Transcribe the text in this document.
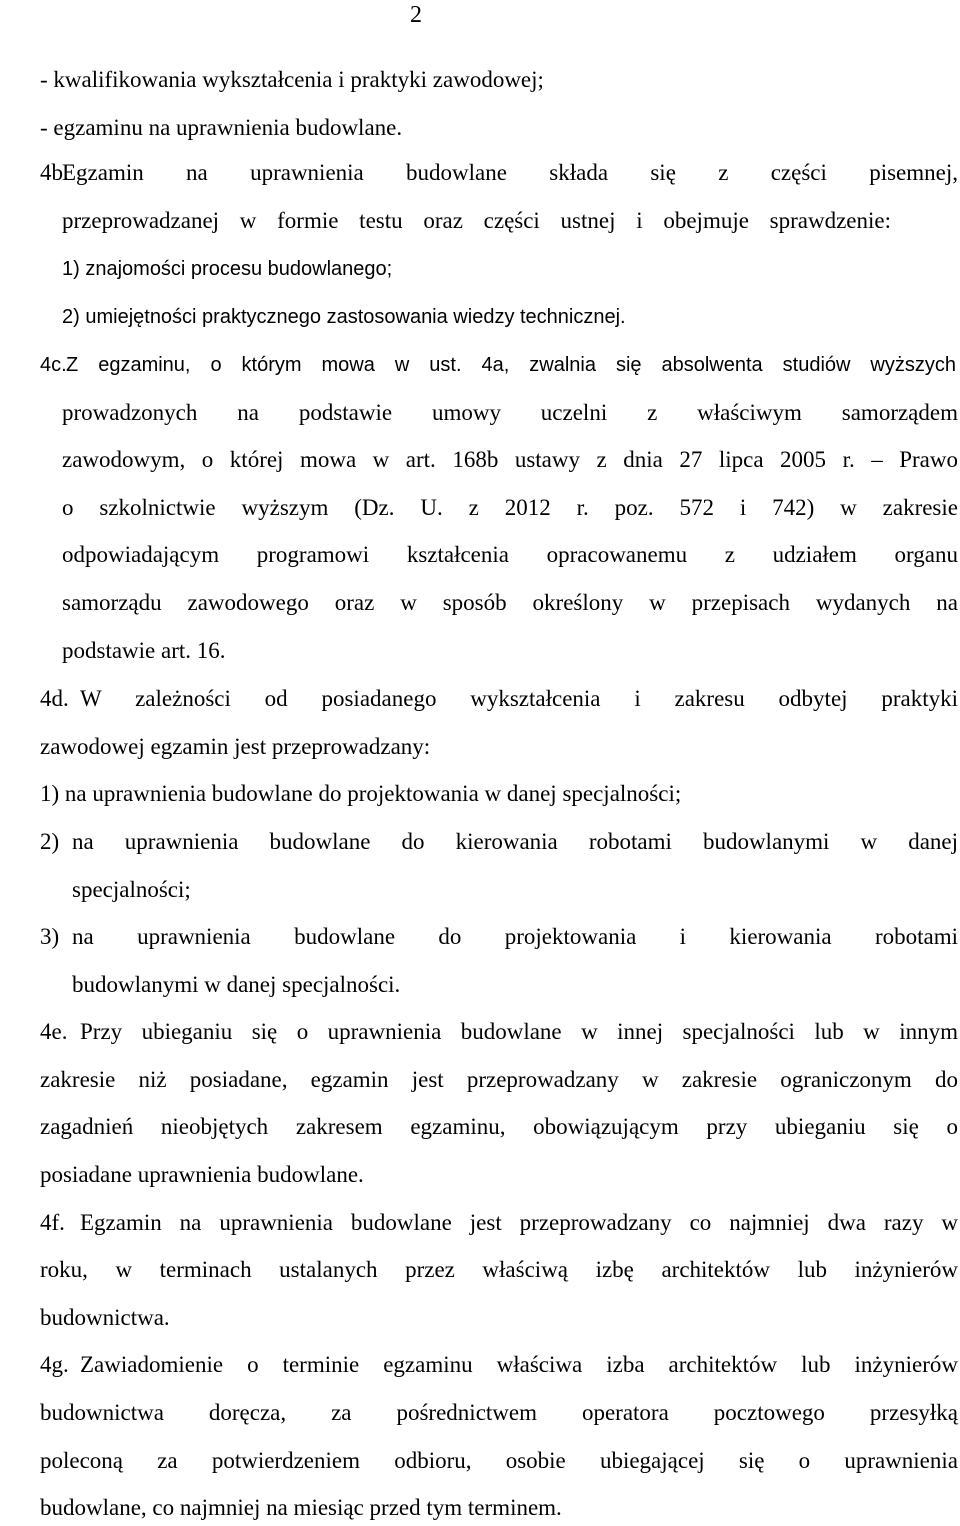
2
- kwalifikowania wykształcenia i praktyki zawodowej;
- egzaminu na uprawnienia budowlane.
4b.
Egzamin na uprawnienia budowlane składa się z części pisemnej,
przeprowadzanej w formie testu oraz części ustnej i obejmuje sprawdzenie:
1) znajomości procesu budowlanego;
2) umiejętności praktycznego zastosowania wiedzy technicznej.
4c. Z egzaminu, o którym mowa w ust. 4a, zwalnia się absolwenta studiów wyższych
prowadzonych na podstawie umowy uczelni z właściwym samorządem
zawodowym, o której mowa w art. 168b ustawy z dnia 27 lipca 2005 r. – Prawo
o szkolnictwie wyższym (Dz. U. z 2012 r. poz. 572 i 742) w zakresie
odpowiadającym programowi kształcenia opracowanemu z udziałem organu
samorządu zawodowego oraz w sposób określony w przepisach wydanych na
podstawie art. 16.
4d. W zależności od posiadanego wykształcenia i zakresu odbytej praktyki
zawodowej egzamin jest przeprowadzany:
1) na uprawnienia budowlane do projektowania w danej specjalności;
2) na uprawnienia budowlane do kierowania robotami budowlanymi w danej
specjalności;
3) na uprawnienia budowlane do projektowania i kierowania robotami
budowlanymi w danej specjalności.
4e. Przy ubieganiu się o uprawnienia budowlane w innej specjalności lub w innym
zakresie niż posiadane, egzamin jest przeprowadzany w zakresie ograniczonym do
zagadnień nieobjętych zakresem egzaminu, obowiązującym przy ubieganiu się o
posiadane uprawnienia budowlane.
4f. Egzamin na uprawnienia budowlane jest przeprowadzany co najmniej dwa razy w
roku, w terminach ustalanych przez właściwą izbę architektów lub inżynierów
budownictwa.
4g. Zawiadomienie o terminie egzaminu właściwa izba architektów lub inżynierów
budownictwa doręcza, za pośrednictwem operatora pocztowego przesyłką
poleconą za potwierdzeniem odbioru, osobie ubiegającej się o uprawnienia
budowlane, co najmniej na miesiąc przed tym terminem.
